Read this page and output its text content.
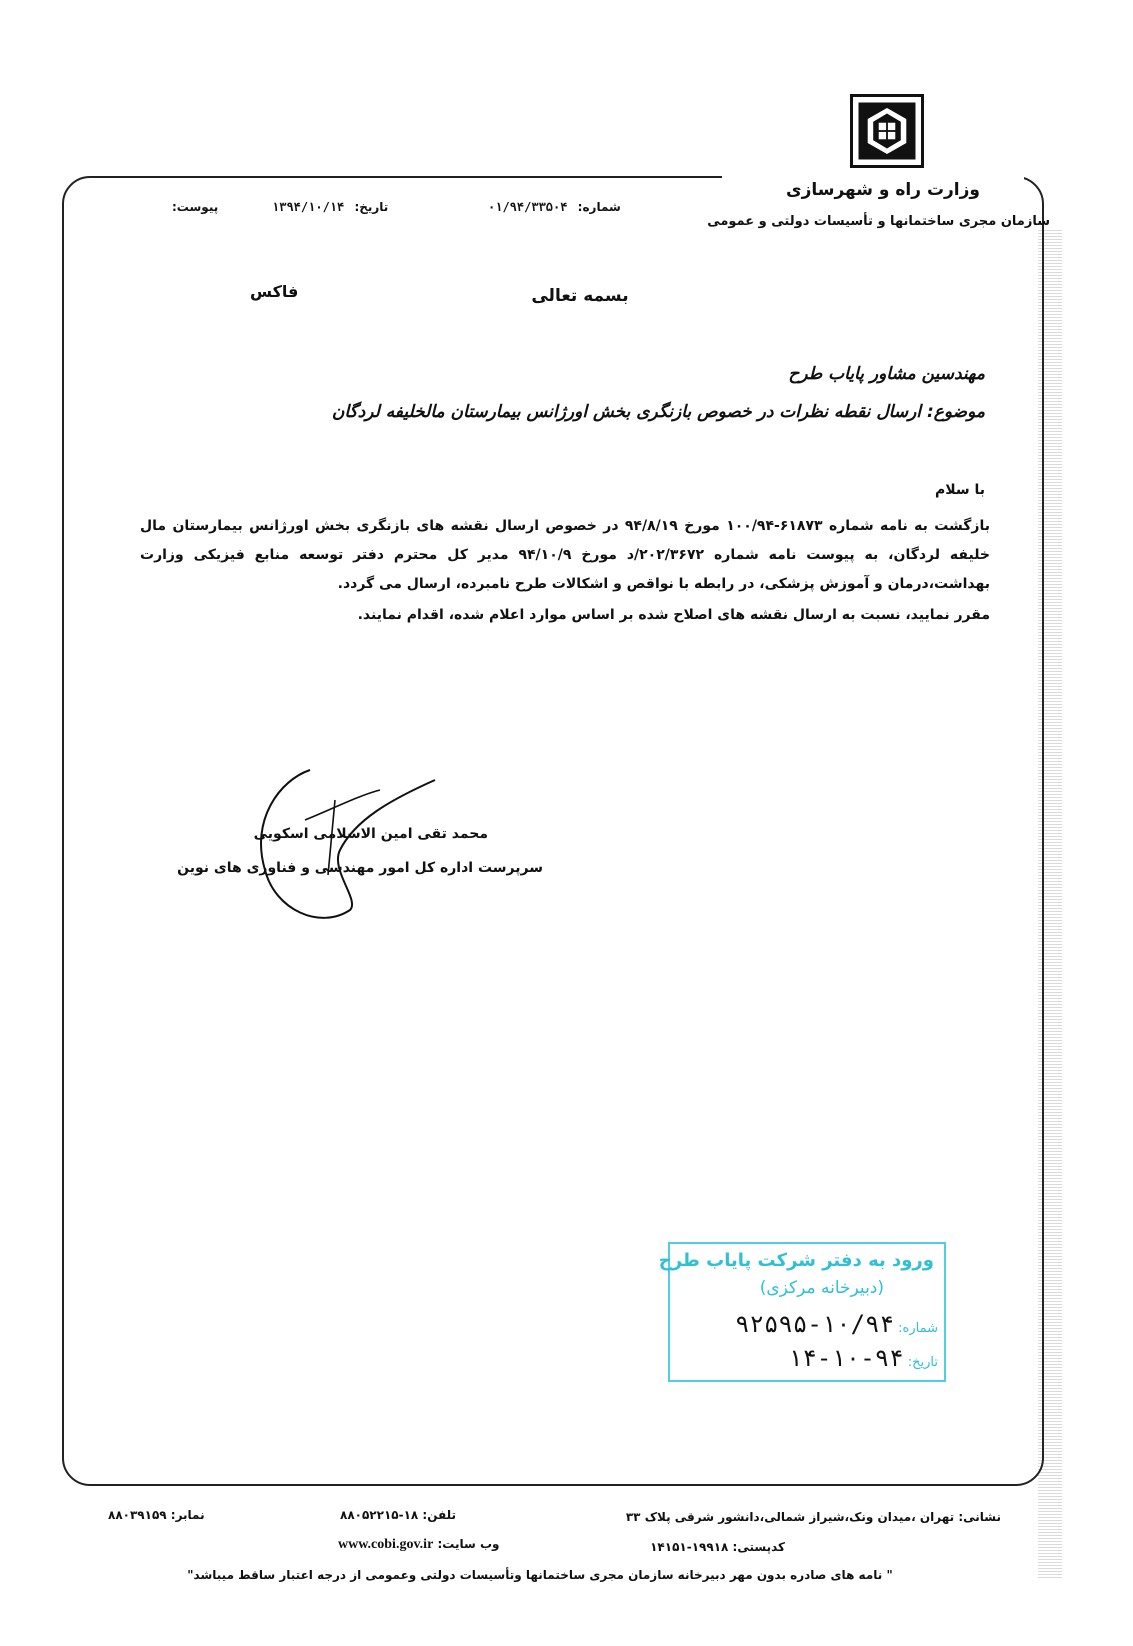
وزارت راه و شهرسازی
سازمان مجری ساختمانها و تأسیسات دولتی و عمومی
شماره: ۰۱/۹۴/۳۳۵۰۴
تاریخ: ۱۳۹۴/۱۰/۱۴
پیوست:
بسمه تعالی
فاکس
مهندسین مشاور پایاب طرح
موضوع: ارسال نقطه نظرات در خصوص بازنگری بخش اورژانس بیمارستان مالخلیفه لردگان
با سلام

بازگشت به نامه شماره ۶۱۸۷۳-۱۰۰/۹۴ مورخ ۹۴/۸/۱۹ در خصوص ارسال نقشه های بازنگری بخش اورژانس بیمارستان مال خلیفه لردگان، به پیوست نامه شماره ۲۰۲/۳۶۷۲/د مورخ ۹۴/۱۰/۹ مدیر کل محترم دفتر توسعه منابع فیزیکی وزارت بهداشت،درمان و آموزش پزشکی، در رابطه با نواقص و اشکالات طرح نامبرده، ارسال می گردد.

مقرر نمایید، نسبت به ارسال نقشه های اصلاح شده بر اساس موارد اعلام شده، اقدام نمایند.

محمد تقی امین الاسلامی اسکویی
سرپرست اداره کل امور مهندسی و فناوری های نوین
ورود به دفتر شرکت پایاب طرح
(دبیرخانه مرکزی)
شماره: ۱۰/۹۴-۹۲۵۹۵
تاریخ: ۹۴-۱۰-۱۴
نشانی: تهران ،میدان ونک،شیراز شمالی،دانشور شرقی پلاک ۳۳
تلفن: ۱۸-۸۸۰۵۲۲۱۵
نمابر: ۸۸۰۳۹۱۵۹
کدپستی: ۱۹۹۱۸-۱۴۱۵۱
وب سایت: www.cobi.gov.ir
" نامه های صادره بدون مهر دبیرخانه سازمان مجری ساختمانها وتأسیسات دولتی وعمومی از درجه اعتبار ساقط میباشد"
